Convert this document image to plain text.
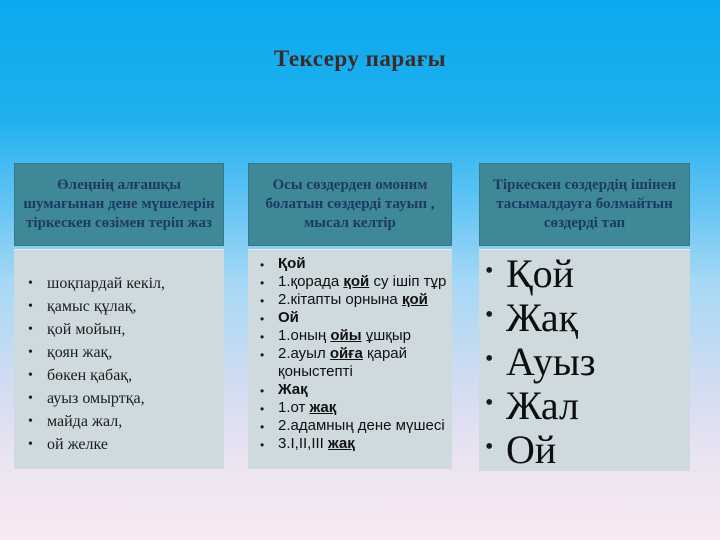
Тексеру парағы
Өлеңнің алғашқы шумағынан дене мүшелерін тіркескен сөзімен теріп жаз
• шоқпардай кекіл,
• қамыс құлақ,
• қой мойын,
• қоян жақ,
• бөкен қабақ,
• ауыз омыртқа,
• майда жал,
• ой желке
Осы сөздерден омоним болатын сөздерді тауып , мысал келтір
• Қой
• 1.қорада қой су ішіп тұр
• 2.кітапты орнына қой
• Ой
• 1.оның ойы ұшқыр
• 2.ауыл ойға қарай қоныстепті
• Жақ
• 1.от жақ
• 2.адамның дене мүшесі
• 3.I,II,III жақ
Тіркескен сөздердің ішінен тасымалдауға болмайтын сөздерді тап
• Қой
• Жақ
• Ауыз
• Жал
• Ой
